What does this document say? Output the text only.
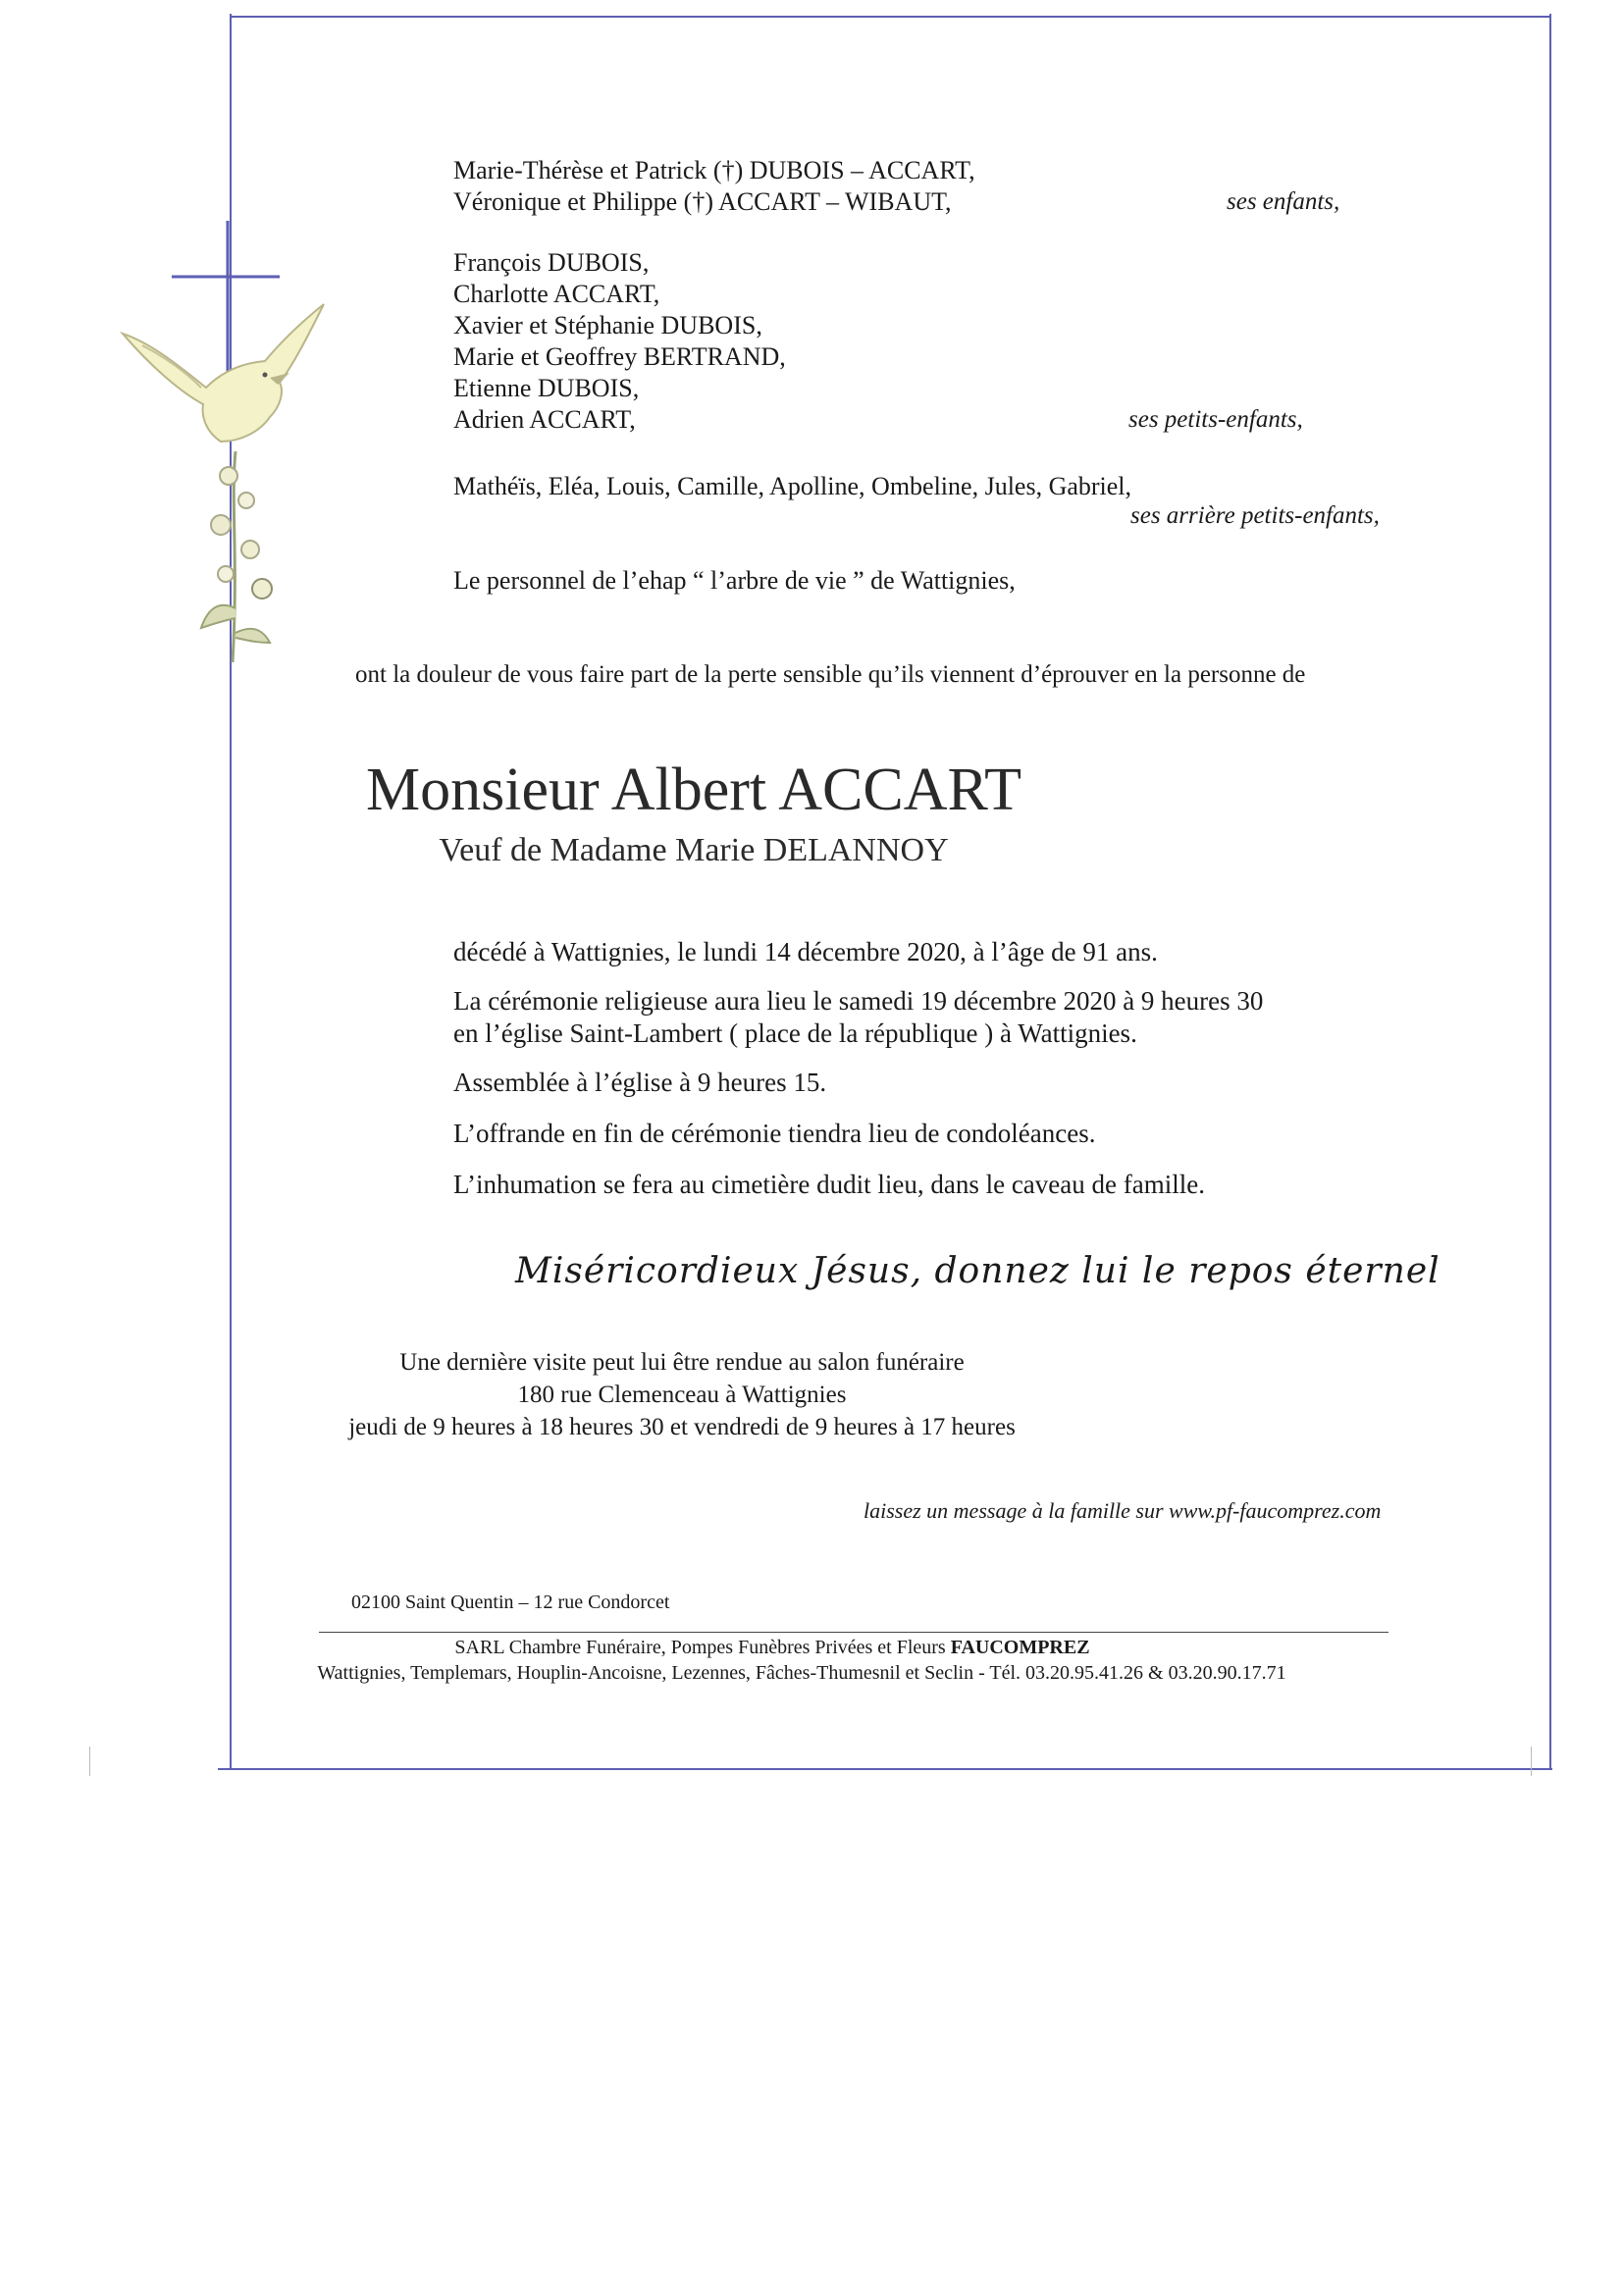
Marie-Thérèse et Patrick (†) DUBOIS – ACCART,
Véronique et Philippe (†) ACCART – WIBAUT,	ses enfants,
François DUBOIS,
Charlotte ACCART,
Xavier et Stéphanie DUBOIS,
Marie et Geoffrey BERTRAND,
Etienne DUBOIS,
Adrien ACCART,	ses petits-enfants,
Mathéïs, Eléa, Louis, Camille, Apolline, Ombeline, Jules, Gabriel,
ses arrière petits-enfants,
Le personnel de l’ehap “ l’arbre de vie ” de Wattignies,
ont la douleur de vous faire part de la perte sensible qu’ils viennent d’éprouver en la personne de
Monsieur Albert ACCART
Veuf de Madame Marie DELANNOY
décédé à Wattignies, le lundi 14 décembre 2020, à l’âge de 91 ans.
La cérémonie religieuse aura lieu le samedi 19 décembre 2020 à 9 heures 30
en l’église Saint-Lambert ( place de la république ) à Wattignies.
Assemblée à l’église à 9 heures 15.
L’offrande en fin de cérémonie tiendra lieu de condoléances.
L’inhumation se fera au cimetière dudit lieu, dans le caveau de famille.
Miséricordieux Jésus, donnez lui le repos éternel
Une dernière visite peut lui être rendue au salon funéraire
180 rue Clemenceau à Wattignies
jeudi de 9 heures à 18 heures 30 et vendredi de 9 heures à 17 heures
laissez un message à la famille sur www.pf-faucomprez.com
02100 Saint Quentin – 12 rue Condorcet
SARL Chambre Funéraire, Pompes Funèbres Privées et Fleurs FAUCOMPREZ
Wattignies, Templemars, Houplin-Ancoisne, Lezennes, Fâches-Thumesnil et Seclin - Tél. 03.20.95.41.26 & 03.20.90.17.71
